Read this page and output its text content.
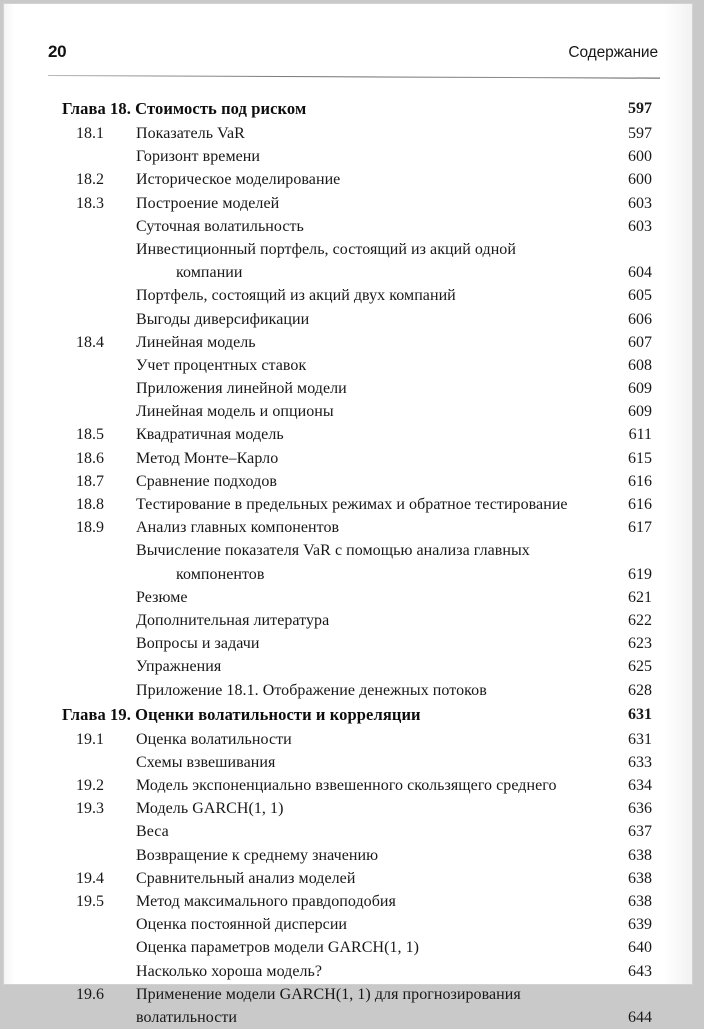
20	Содержание
Глава 18. Стоимость под риском	597
18.1	Показатель VaR	597
Горизонт времени	600
18.2	Историческое моделирование	600
18.3	Построение моделей	603
Суточная волатильность	603
Инвестиционный портфель, состоящий из акций одной
компании	604
Портфель, состоящий из акций двух компаний	605
Выгоды диверсификации	606
18.4	Линейная модель	607
Учет процентных ставок	608
Приложения линейной модели	609
Линейная модель и опционы	609
18.5	Квадратичная модель	611
18.6	Метод Монте–Карло	615
18.7	Сравнение подходов	616
18.8	Тестирование в предельных режимах и обратное тестирование	616
18.9	Анализ главных компонентов	617
Вычисление показателя VaR с помощью анализа главных
компонентов	619
Резюме	621
Дополнительная литература	622
Вопросы и задачи	623
Упражнения	625
Приложение 18.1. Отображение денежных потоков	628
Глава 19. Оценки волатильности и корреляции	631
19.1	Оценка волатильности	631
Схемы взвешивания	633
19.2	Модель экспоненциально взвешенного скользящего среднего	634
19.3	Модель GARCH(1, 1)	636
Веса	637
Возвращение к среднему значению	638
19.4	Сравнительный анализ моделей	638
19.5	Метод максимального правдоподобия	638
Оценка постоянной дисперсии	639
Оценка параметров модели GARCH(1, 1)	640
Насколько хороша модель?	643
19.6	Применение модели GARCH(1, 1) для прогнозирования
волатильности	644
